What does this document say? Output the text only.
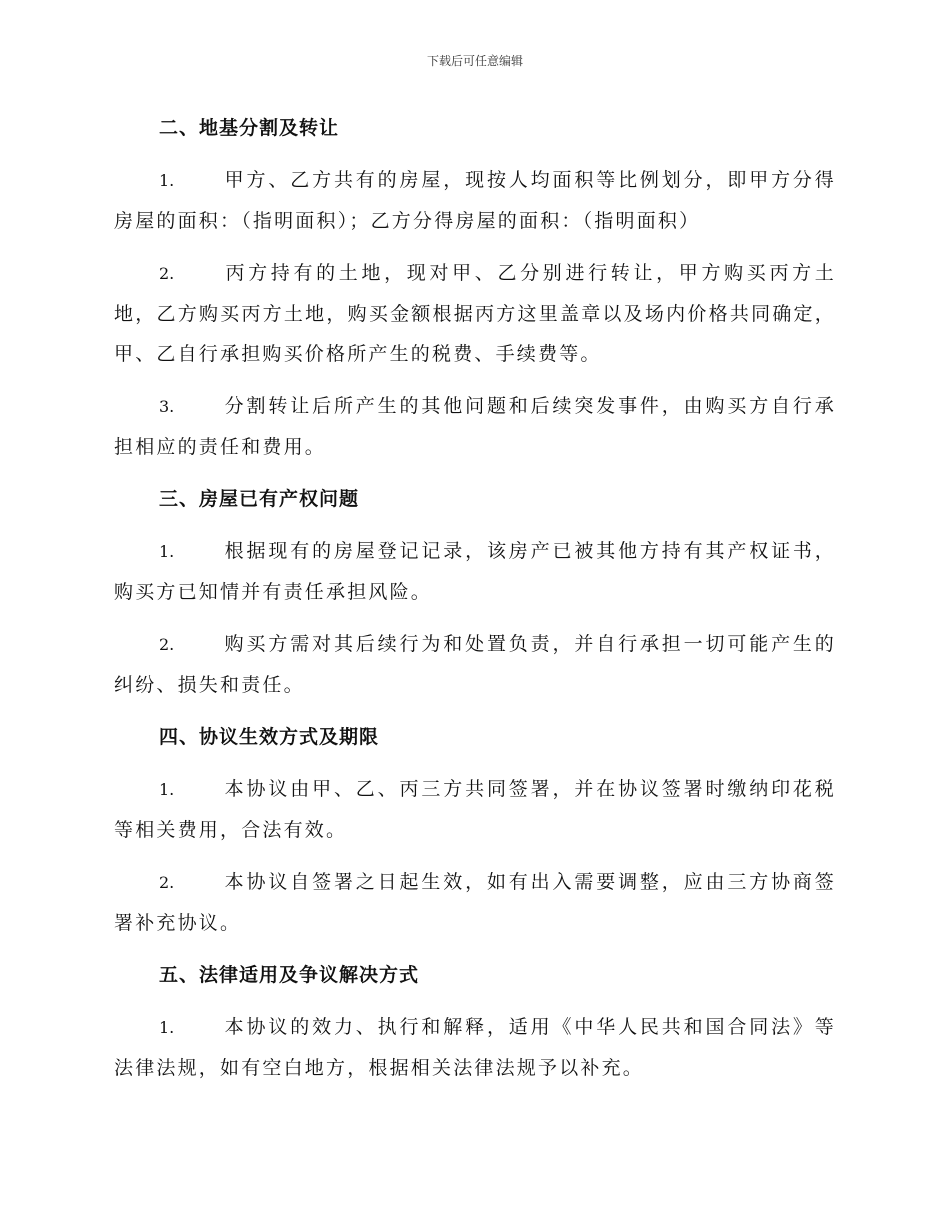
下载后可任意编辑
二、地基分割及转让

1.	甲方、乙方共有的房屋，现按人均面积等比例划分，即甲方分得房屋的面积：（指明面积）；乙方分得房屋的面积：（指明面积）

2.	丙方持有的土地，现对甲、乙分别进行转让，甲方购买丙方土地，乙方购买丙方土地，购买金额根据丙方这里盖章以及场内价格共同确定，甲、乙自行承担购买价格所产生的税费、手续费等。

3.	分割转让后所产生的其他问题和后续突发事件，由购买方自行承担相应的责任和费用。

三、房屋已有产权问题

1.	根据现有的房屋登记记录，该房产已被其他方持有其产权证书，购买方已知情并有责任承担风险。

2.	购买方需对其后续行为和处置负责，并自行承担一切可能产生的纠纷、损失和责任。

四、协议生效方式及期限

1.	本协议由甲、乙、丙三方共同签署，并在协议签署时缴纳印花税等相关费用，合法有效。

2.	本协议自签署之日起生效，如有出入需要调整，应由三方协商签署补充协议。

五、法律适用及争议解决方式

1.	本协议的效力、执行和解释，适用《中华人民共和国合同法》等法律法规，如有空白地方，根据相关法律法规予以补充。
